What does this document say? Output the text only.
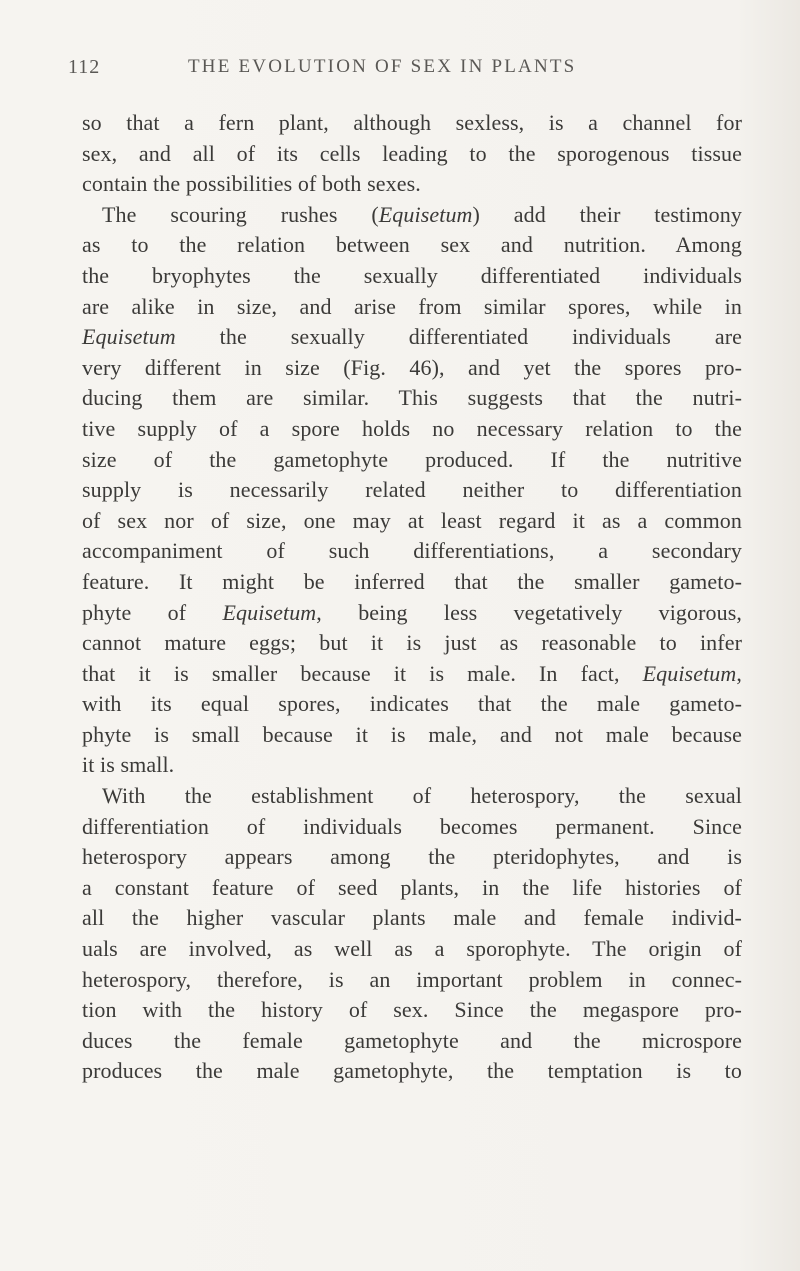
112	THE EVOLUTION OF SEX IN PLANTS
so that a fern plant, although sexless, is a channel for
sex, and all of its cells leading to the sporogenous tissue
contain the possibilities of both sexes.
The scouring rushes (Equisetum) add their testimony
as to the relation between sex and nutrition. Among
the bryophytes the sexually differentiated individuals
are alike in size, and arise from similar spores, while in
Equisetum the sexually differentiated individuals are
very different in size (Fig. 46), and yet the spores pro-
ducing them are similar. This suggests that the nutri-
tive supply of a spore holds no necessary relation to the
size of the gametophyte produced. If the nutritive
supply is necessarily related neither to differentiation
of sex nor of size, one may at least regard it as a common
accompaniment of such differentiations, a secondary
feature. It might be inferred that the smaller gameto-
phyte of Equisetum, being less vegetatively vigorous,
cannot mature eggs; but it is just as reasonable to infer
that it is smaller because it is male. In fact, Equisetum,
with its equal spores, indicates that the male gameto-
phyte is small because it is male, and not male because
it is small.
With the establishment of heterospory, the sexual
differentiation of individuals becomes permanent. Since
heterospory appears among the pteridophytes, and is
a constant feature of seed plants, in the life histories of
all the higher vascular plants male and female individ-
uals are involved, as well as a sporophyte. The origin of
heterospory, therefore, is an important problem in connec-
tion with the history of sex. Since the megaspore pro-
duces the female gametophyte and the microspore
produces the male gametophyte, the temptation is to
